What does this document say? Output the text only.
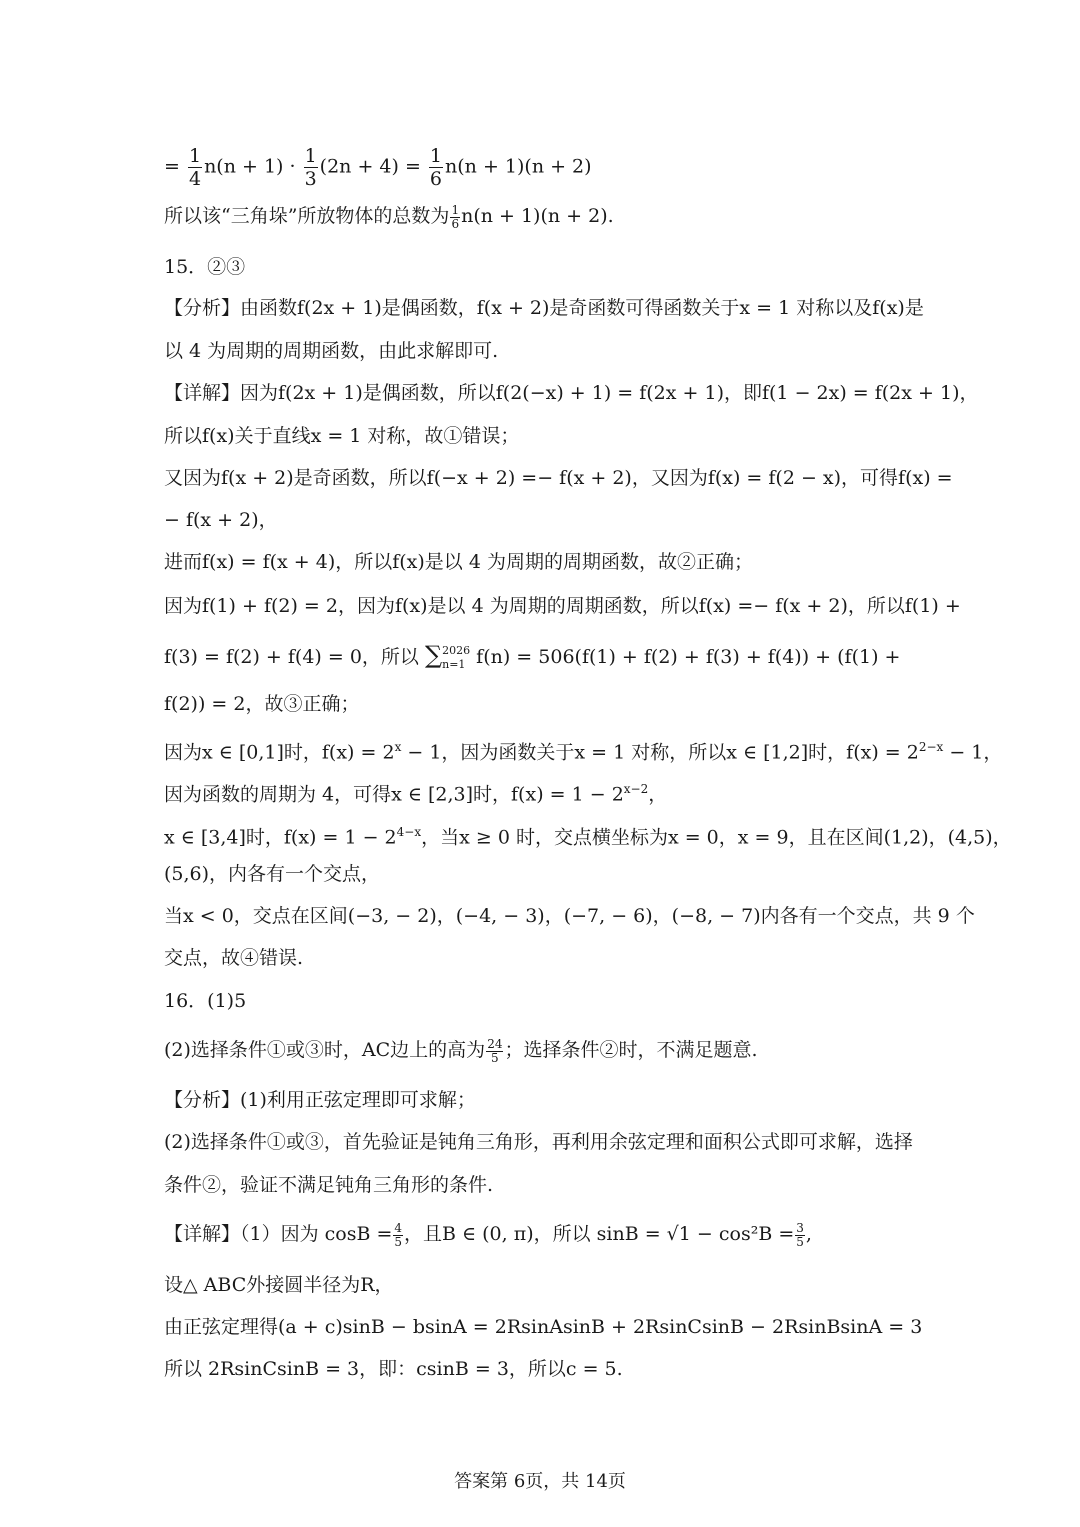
= $\frac{1}{4} n(n + 1) \cdot \frac{1}{3} (2n + 4) = \frac{1}{6} n(n + 1)(n + 2)$
所以该“三角垛”所放物体的总数为 $\frac{1}{6} n(n + 1)(n + 2)$.
15．②③
【分析】由函数f(2x + 1)是偶函数，f(x + 2)是奇函数可得函数关于x = 1 对称以及f(x)是
以 4 为周期的周期函数，由此求解即可.
【详解】因为f(2x + 1)是偶函数，所以f(2(−x) + 1) = f(2x + 1)，即f(1 − 2x) = f(2x + 1)，
所以f(x)关于直线x = 1 对称，故①错误；
又因为f(x + 2)是奇函数，所以f(−x + 2) =− f(x + 2)，又因为f(x) = f(2 − x)，可得f(x) =
− f(x + 2)，
进而f(x) = f(x + 4)，所以f(x)是以 4 为周期的周期函数，故②正确；
因为f(1) + f(2) = 2，因为f(x)是以 4 为周期的周期函数，所以f(x) =− f(x + 2)，所以f(1) +
f(3) = f(2) + f(4) = 0，所以 ∑ 2026
n=1 f(n) = 506(f(1) + f(2) + f(3) + f(4)) + (f(1) +
f(2)) = 2，故③正确；
因为x ∈ [0,1]时，$f(x) = 2^x - 1$，因为函数关于x = 1 对称，所以x ∈ [1,2]时，$f(x) = 2^{2-x} - 1$，
因为函数的周期为 4，可得x ∈ [2,3]时，$f(x) = 1 - 2^{x-2}$，
x ∈ [3,4]时，$f(x) = 1 - 2^{4-x}$，当x ≥ 0 时，交点横坐标为x = 0，x = 9，且在区间(1,2)，(4,5)，
(5,6)，内各有一个交点，
当x < 0，交点在区间(−3, − 2)，(−4, − 3)，(−7, − 6)，(−8, − 7)内各有一个交点，共 9 个
交点，故④错误.
16．(1)5
(2)选择条件①或③时，AC边上的高为 $\frac{24}{5}$ ；选择条件②时，不满足题意.
【分析】(1)利用正弦定理即可求解；
(2)选择条件①或③，首先验证是钝角三角形，再利用余弦定理和面积公式即可求解，选择
条件②，验证不满足钝角三角形的条件.
【详解】（1）因为 $\cos B = \frac{4}{5}$ ，且B ∈ (0, π)，所以 $\sin B = √1 - \cos^2B = \frac{3}{5}$ ,
设△ ABC外接圆半径为R，
由正弦定理得(a + c)sinB − bsinA = 2RsinAsinB + 2RsinCsinB − 2RsinBsinA = 3
所以 2RsinCsinB = 3，即：csinB = 3，所以c = 5.
答案第 6页，共 14页
